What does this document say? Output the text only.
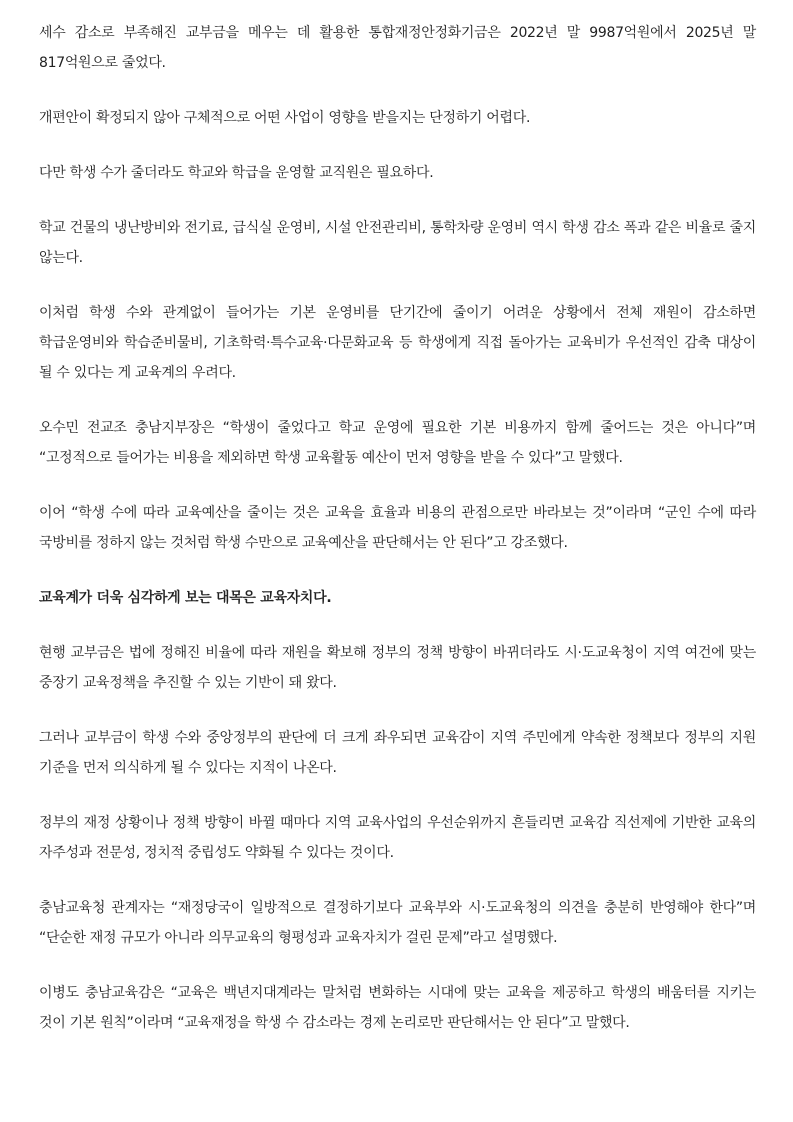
세수 감소로 부족해진 교부금을 메우는 데 활용한 통합재정안정화기금은 2022년 말 9987억원에서 2025년 말 817억원으로 줄었다.

개편안이 확정되지 않아 구체적으로 어떤 사업이 영향을 받을지는 단정하기 어렵다.

다만 학생 수가 줄더라도 학교와 학급을 운영할 교직원은 필요하다.

학교 건물의 냉난방비와 전기료, 급식실 운영비, 시설 안전관리비, 통학차량 운영비 역시 학생 감소 폭과 같은 비율로 줄지 않는다.

이처럼 학생 수와 관계없이 들어가는 기본 운영비를 단기간에 줄이기 어려운 상황에서 전체 재원이 감소하면 학급운영비와 학습준비물비, 기초학력·특수교육·다문화교육 등 학생에게 직접 돌아가는 교육비가 우선적인 감축 대상이 될 수 있다는 게 교육계의 우려다.

오수민 전교조 충남지부장은 “학생이 줄었다고 학교 운영에 필요한 기본 비용까지 함께 줄어드는 것은 아니다”며 “고정적으로 들어가는 비용을 제외하면 학생 교육활동 예산이 먼저 영향을 받을 수 있다”고 말했다.

이어 “학생 수에 따라 교육예산을 줄이는 것은 교육을 효율과 비용의 관점으로만 바라보는 것”이라며 “군인 수에 따라 국방비를 정하지 않는 것처럼 학생 수만으로 교육예산을 판단해서는 안 된다”고 강조했다.

교육계가 더욱 심각하게 보는 대목은 교육자치다.

현행 교부금은 법에 정해진 비율에 따라 재원을 확보해 정부의 정책 방향이 바뀌더라도 시·도교육청이 지역 여건에 맞는 중장기 교육정책을 추진할 수 있는 기반이 돼 왔다.

그러나 교부금이 학생 수와 중앙정부의 판단에 더 크게 좌우되면 교육감이 지역 주민에게 약속한 정책보다 정부의 지원 기준을 먼저 의식하게 될 수 있다는 지적이 나온다.

정부의 재정 상황이나 정책 방향이 바뀔 때마다 지역 교육사업의 우선순위까지 흔들리면 교육감 직선제에 기반한 교육의 자주성과 전문성, 정치적 중립성도 약화될 수 있다는 것이다.

충남교육청 관계자는 “재정당국이 일방적으로 결정하기보다 교육부와 시·도교육청의 의견을 충분히 반영해야 한다”며 “단순한 재정 규모가 아니라 의무교육의 형평성과 교육자치가 걸린 문제”라고 설명했다.

이병도 충남교육감은 “교육은 백년지대계라는 말처럼 변화하는 시대에 맞는 교육을 제공하고 학생의 배움터를 지키는 것이 기본 원칙”이라며 “교육재정을 학생 수 감소라는 경제 논리로만 판단해서는 안 된다”고 말했다.
